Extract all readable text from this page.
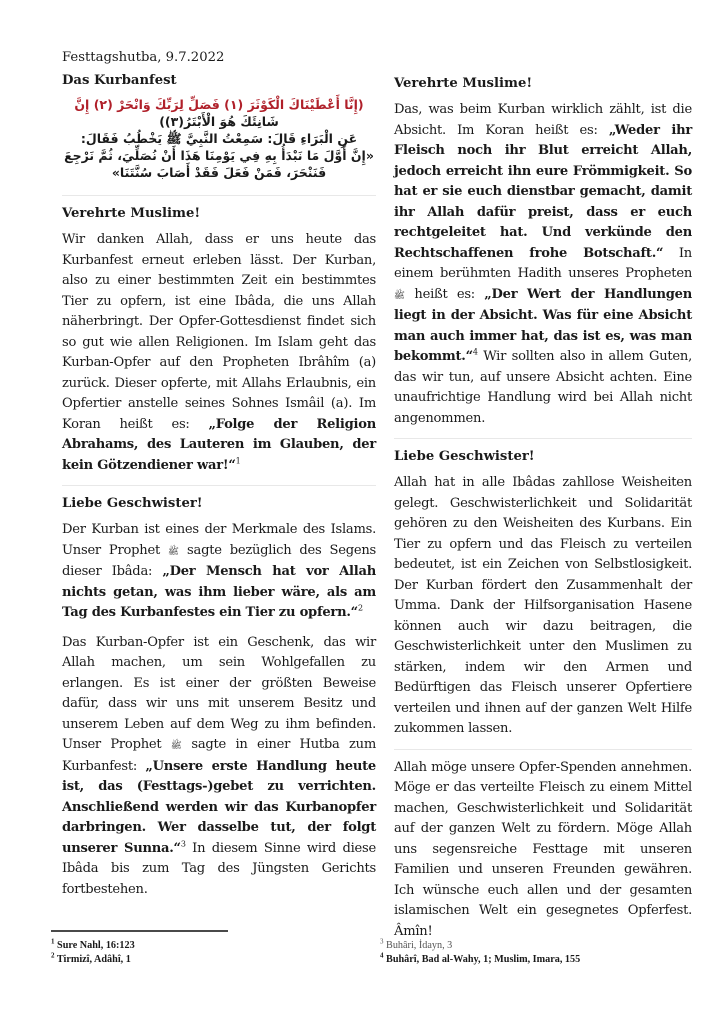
Festtagshutba, 9.7.2022
Das Kurbanfest
(إِنَّا أَعْطَيْنَاكَ الْكَوْثَرَ (١) فَصَلِّ لِرَبِّكَ وَانْحَرْ (٢) إِنَّ
شَانِئَكَ هُوَ الْأَبْتَرُ(٣))
عَنِ الْبَرَاءِ قَالَ: سَمِعْتُ النَّبِيَّ ﷺ يَخْطُبُ فَقَالَ:
«إِنَّ أَوَّلَ مَا نَبْدَأُ بِهِ فِي يَوْمِنَا هَذَا أَنْ نُصَلِّيَ، ثُمَّ نَرْجِعَ
فَنَنْحَرَ، فَمَنْ فَعَلَ فَقَدْ أَصَابَ سُنَّتَنَا»
Verehrte Muslime!

Wir danken Allah, dass er uns heute das Kurbanfest erneut erleben lässt. Der Kurban, also zu einer bestimmten Zeit ein bestimmtes Tier zu opfern, ist eine Ibâda, die uns Allah näherbringt. Der Opfer-Gottesdienst findet sich so gut wie allen Religionen. Im Islam geht das Kurban-Opfer auf den Propheten Ibrâhîm (a) zurück. Dieser opferte, mit Allahs Erlaubnis, ein Opfertier anstelle seines Sohnes Ismâil (a). Im Koran heißt es: „Folge der Religion Abrahams, des Lauteren im Glauben, der kein Götzendiener war!“$^1$

Liebe Geschwister!

Der Kurban ist eines der Merkmale des Islams. Unser Prophet ﷺ sagte bezüglich des Segens dieser Ibâda: „Der Mensch hat vor Allah nichts getan, was ihm lieber wäre, als am Tag des Kurbanfestes ein Tier zu opfern.“$^2$

Das Kurban-Opfer ist ein Geschenk, das wir Allah machen, um sein Wohlgefallen zu erlangen. Es ist einer der größten Beweise dafür, dass wir uns mit unserem Besitz und unserem Leben auf dem Weg zu ihm befinden. Unser Prophet ﷺ sagte in einer Hutba zum Kurbanfest: „Unsere erste Handlung heute ist, das (Festtags-)gebet zu verrichten. Anschließend werden wir das Kurbanopfer darbringen. Wer dasselbe tut, der folgt unserer Sunna.“$^3$ In diesem Sinne wird diese Ibâda bis zum Tag des Jüngsten Gerichts fortbestehen.

Verehrte Muslime!

Das, was beim Kurban wirklich zählt, ist die Absicht. Im Koran heißt es: „Weder ihr Fleisch noch ihr Blut erreicht Allah, jedoch erreicht ihn eure Frömmigkeit. So hat er sie euch dienstbar gemacht, damit ihr Allah dafür preist, dass er euch rechtgeleitet hat. Und verkünde den Rechtschaffenen frohe Botschaft.“ In einem berühmten Hadith unseres Propheten ﷺ heißt es: „Der Wert der Handlungen liegt in der Absicht. Was für eine Absicht man auch immer hat, das ist es, was man bekommt.“$^4$ Wir sollten also in allem Guten, das wir tun, auf unsere Absicht achten. Eine unaufrichtige Handlung wird bei Allah nicht angenommen.

Liebe Geschwister!

Allah hat in alle Ibâdas zahllose Weisheiten gelegt. Geschwisterlichkeit und Solidarität gehören zu den Weisheiten des Kurbans. Ein Tier zu opfern und das Fleisch zu verteilen bedeutet, ist ein Zeichen von Selbstlosigkeit. Der Kurban fördert den Zusammenhalt der Umma. Dank der Hilfsorganisation Hasene können auch wir dazu beitragen, die Geschwisterlichkeit unter den Muslimen zu stärken, indem wir den Armen und Bedürftigen das Fleisch unserer Opfertiere verteilen und ihnen auf der ganzen Welt Hilfe zukommen lassen.

Allah möge unsere Opfer-Spenden annehmen. Möge er das verteilte Fleisch zu einem Mittel machen, Geschwisterlichkeit und Solidarität auf der ganzen Welt zu fördern. Möge Allah uns segensreiche Festtage mit unseren Familien und unseren Freunden gewähren. Ich wünsche euch allen und der gesamten islamischen Welt ein gesegnetes Opferfest. Âmîn!

$^1$ Sure Nahl, 16:123
$^2$ Tirmizî, Adâhî, 1
$^3$ Buhâri, İdayn, 3
$^4$ Buhârî, Bad al-Wahy, 1; Muslim, Imara, 155
